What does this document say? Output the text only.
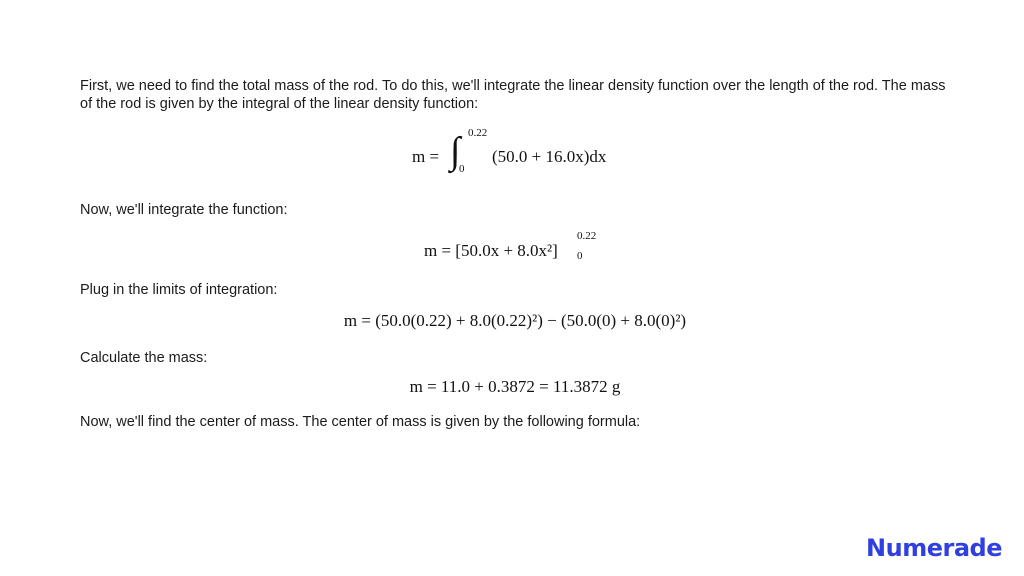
First, we need to find the total mass of the rod. To do this, we'll integrate the linear density function over the length of the rod. The mass of the rod is given by the integral of the linear density function:

m = ∫ 0.22
0
(50.0 + 16.0x)dx

Now, we'll integrate the function:

m = [50.0x + 8.0x²]
0.22
0

Plug in the limits of integration:

m = (50.0(0.22) + 8.0(0.22)²) − (50.0(0) + 8.0(0)²)

Calculate the mass:

m = 11.0 + 0.3872 = 11.3872 g

Now, we'll find the center of mass. The center of mass is given by the following formula:

Numerade
